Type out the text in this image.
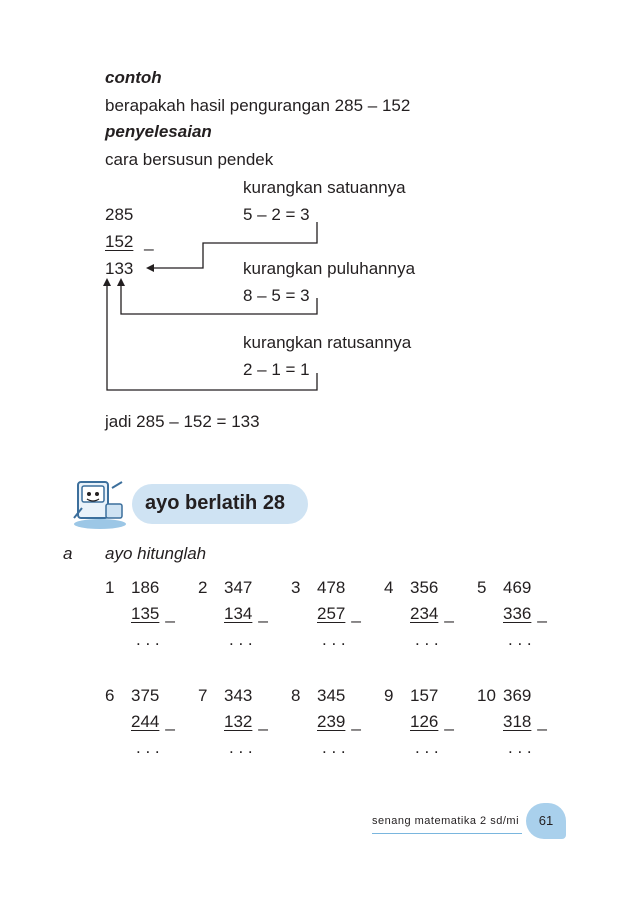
contoh
berapakah hasil pengurangan 285 – 152
penyelesaian
cara bersusun pendek
kurangkan satuannya
285	5 – 2 = 3
152 _
133	kurangkan puluhannya
8 – 5 = 3
kurangkan ratusannya
2 – 1 = 1
jadi 285 – 152 = 133
ayo berlatih 28
a ayo hitunglah
1 186
135 _
. . .
2 347
134 _
. . .
3 478
257 _
. . .
4 356
234 _
. . .
5 469
336 _
. . .
6 375
244 _
. . .
7 343
132 _
. . .
8 345
239 _
. . .
9 157
126 _
. . .
10 369
318 _
. . .
senang matematika 2 sd/mi	61
